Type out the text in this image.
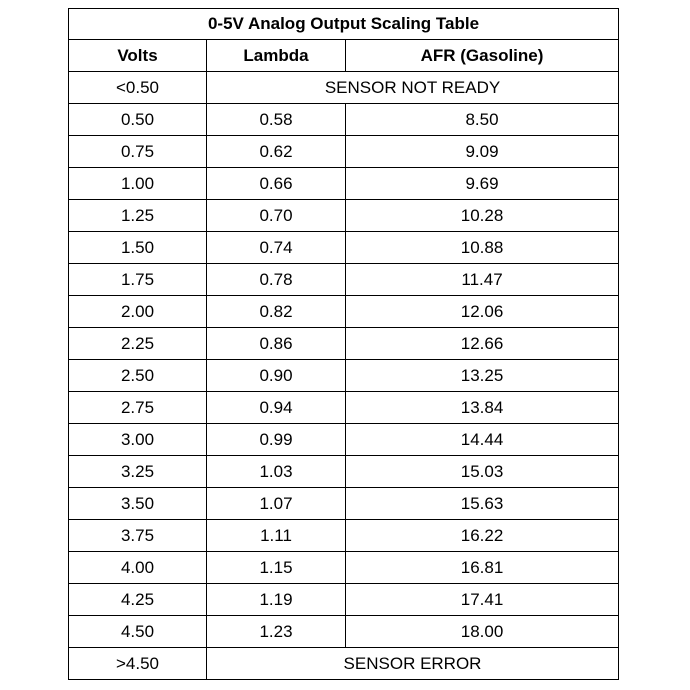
0-5V Analog Output Scaling Table		
Volts	Lambda	AFR (Gasoline)
<0.50	SENSOR NOT READY	
0.50	0.58	8.50
0.75	0.62	9.09
1.00	0.66	9.69
1.25	0.70	10.28
1.50	0.74	10.88
1.75	0.78	11.47
2.00	0.82	12.06
2.25	0.86	12.66
2.50	0.90	13.25
2.75	0.94	13.84
3.00	0.99	14.44
3.25	1.03	15.03
3.50	1.07	15.63
3.75	1.11	16.22
4.00	1.15	16.81
4.25	1.19	17.41
4.50	1.23	18.00
>4.50	SENSOR ERROR	
